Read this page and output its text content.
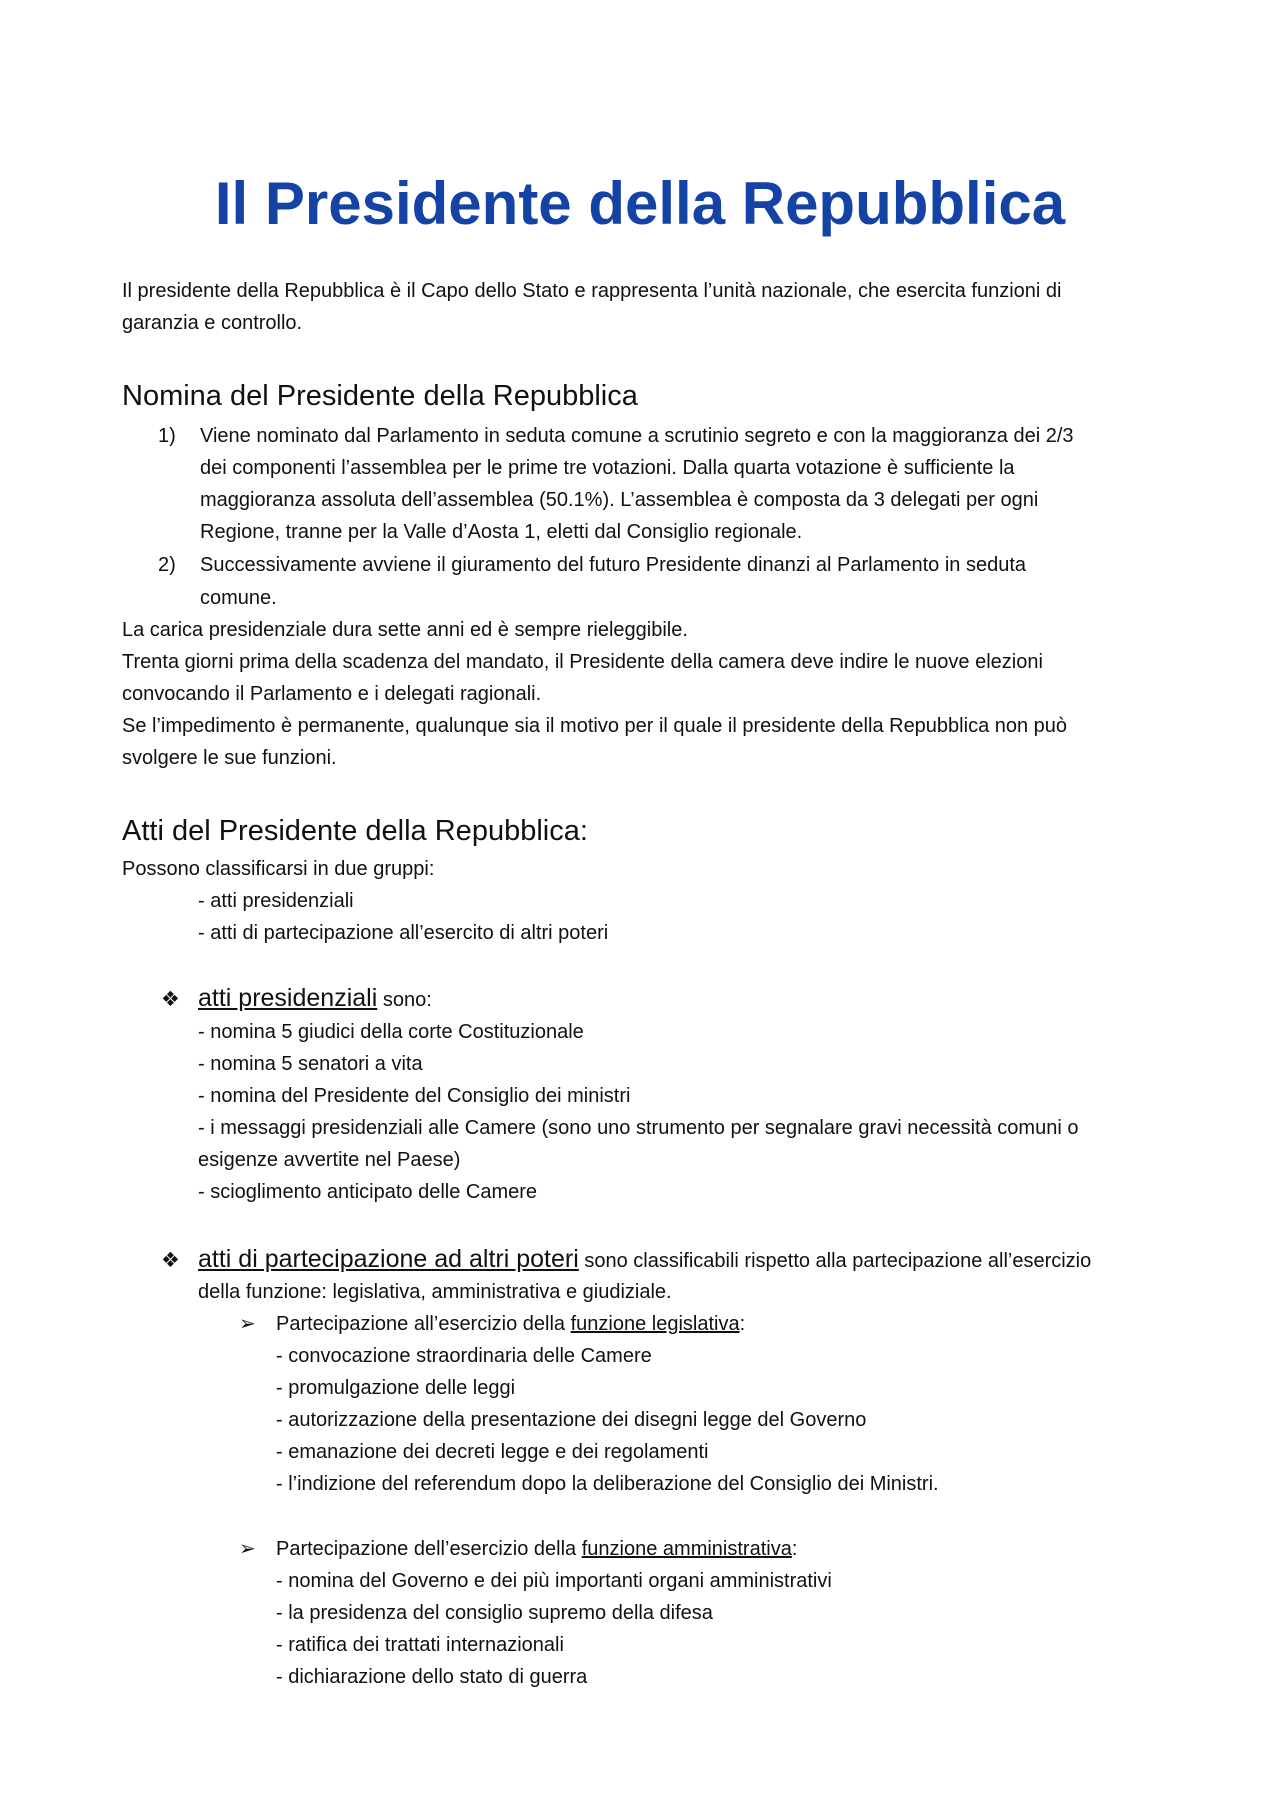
Il Presidente della Repubblica

Il presidente della Repubblica è il Capo dello Stato e rappresenta l’unità nazionale, che esercita funzioni di

garanzia e controllo.

Nomina del Presidente della Repubblica
1) Viene nominato dal Parlamento in seduta comune a scrutinio segreto e con la maggioranza dei 2/3

dei componenti l’assemblea per le prime tre votazioni. Dalla quarta votazione è sufficiente la

maggioranza assoluta dell’assemblea (50.1%). L’assemblea è composta da 3 delegati per ogni

Regione, tranne per la Valle d’Aosta 1, eletti dal Consiglio regionale.

2) Successivamente avviene il giuramento del futuro Presidente dinanzi al Parlamento in seduta

comune.

La carica presidenziale dura sette anni ed è sempre rieleggibile.

Trenta giorni prima della scadenza del mandato, il Presidente della camera deve indire le nuove elezioni

convocando il Parlamento e i delegati ragionali.

Se l’impedimento è permanente, qualunque sia il motivo per il quale il presidente della Repubblica non può

svolgere le sue funzioni.

Atti del Presidente della Repubblica:

Possono classificarsi in due gruppi:

- atti presidenziali

- atti di partecipazione all’esercito di altri poteri

❖ atti presidenziali sono:

- nomina 5 giudici della corte Costituzionale

- nomina 5 senatori a vita

- nomina del Presidente del Consiglio dei ministri

- i messaggi presidenziali alle Camere (sono uno strumento per segnalare gravi necessità comuni o

esigenze avvertite nel Paese)

- scioglimento anticipato delle Camere

❖ atti di partecipazione ad altri poteri sono classificabili rispetto alla partecipazione all’esercizio

della funzione: legislativa, amministrativa e giudiziale.

➢ Partecipazione all’esercizio della funzione legislativa:

- convocazione straordinaria delle Camere

- promulgazione delle leggi

- autorizzazione della presentazione dei disegni legge del Governo

- emanazione dei decreti legge e dei regolamenti

- l’indizione del referendum dopo la deliberazione del Consiglio dei Ministri.

➢ Partecipazione dell’esercizio della funzione amministrativa:

- nomina del Governo e dei più importanti organi amministrativi

- la presidenza del consiglio supremo della difesa

- ratifica dei trattati internazionali

- dichiarazione dello stato di guerra
